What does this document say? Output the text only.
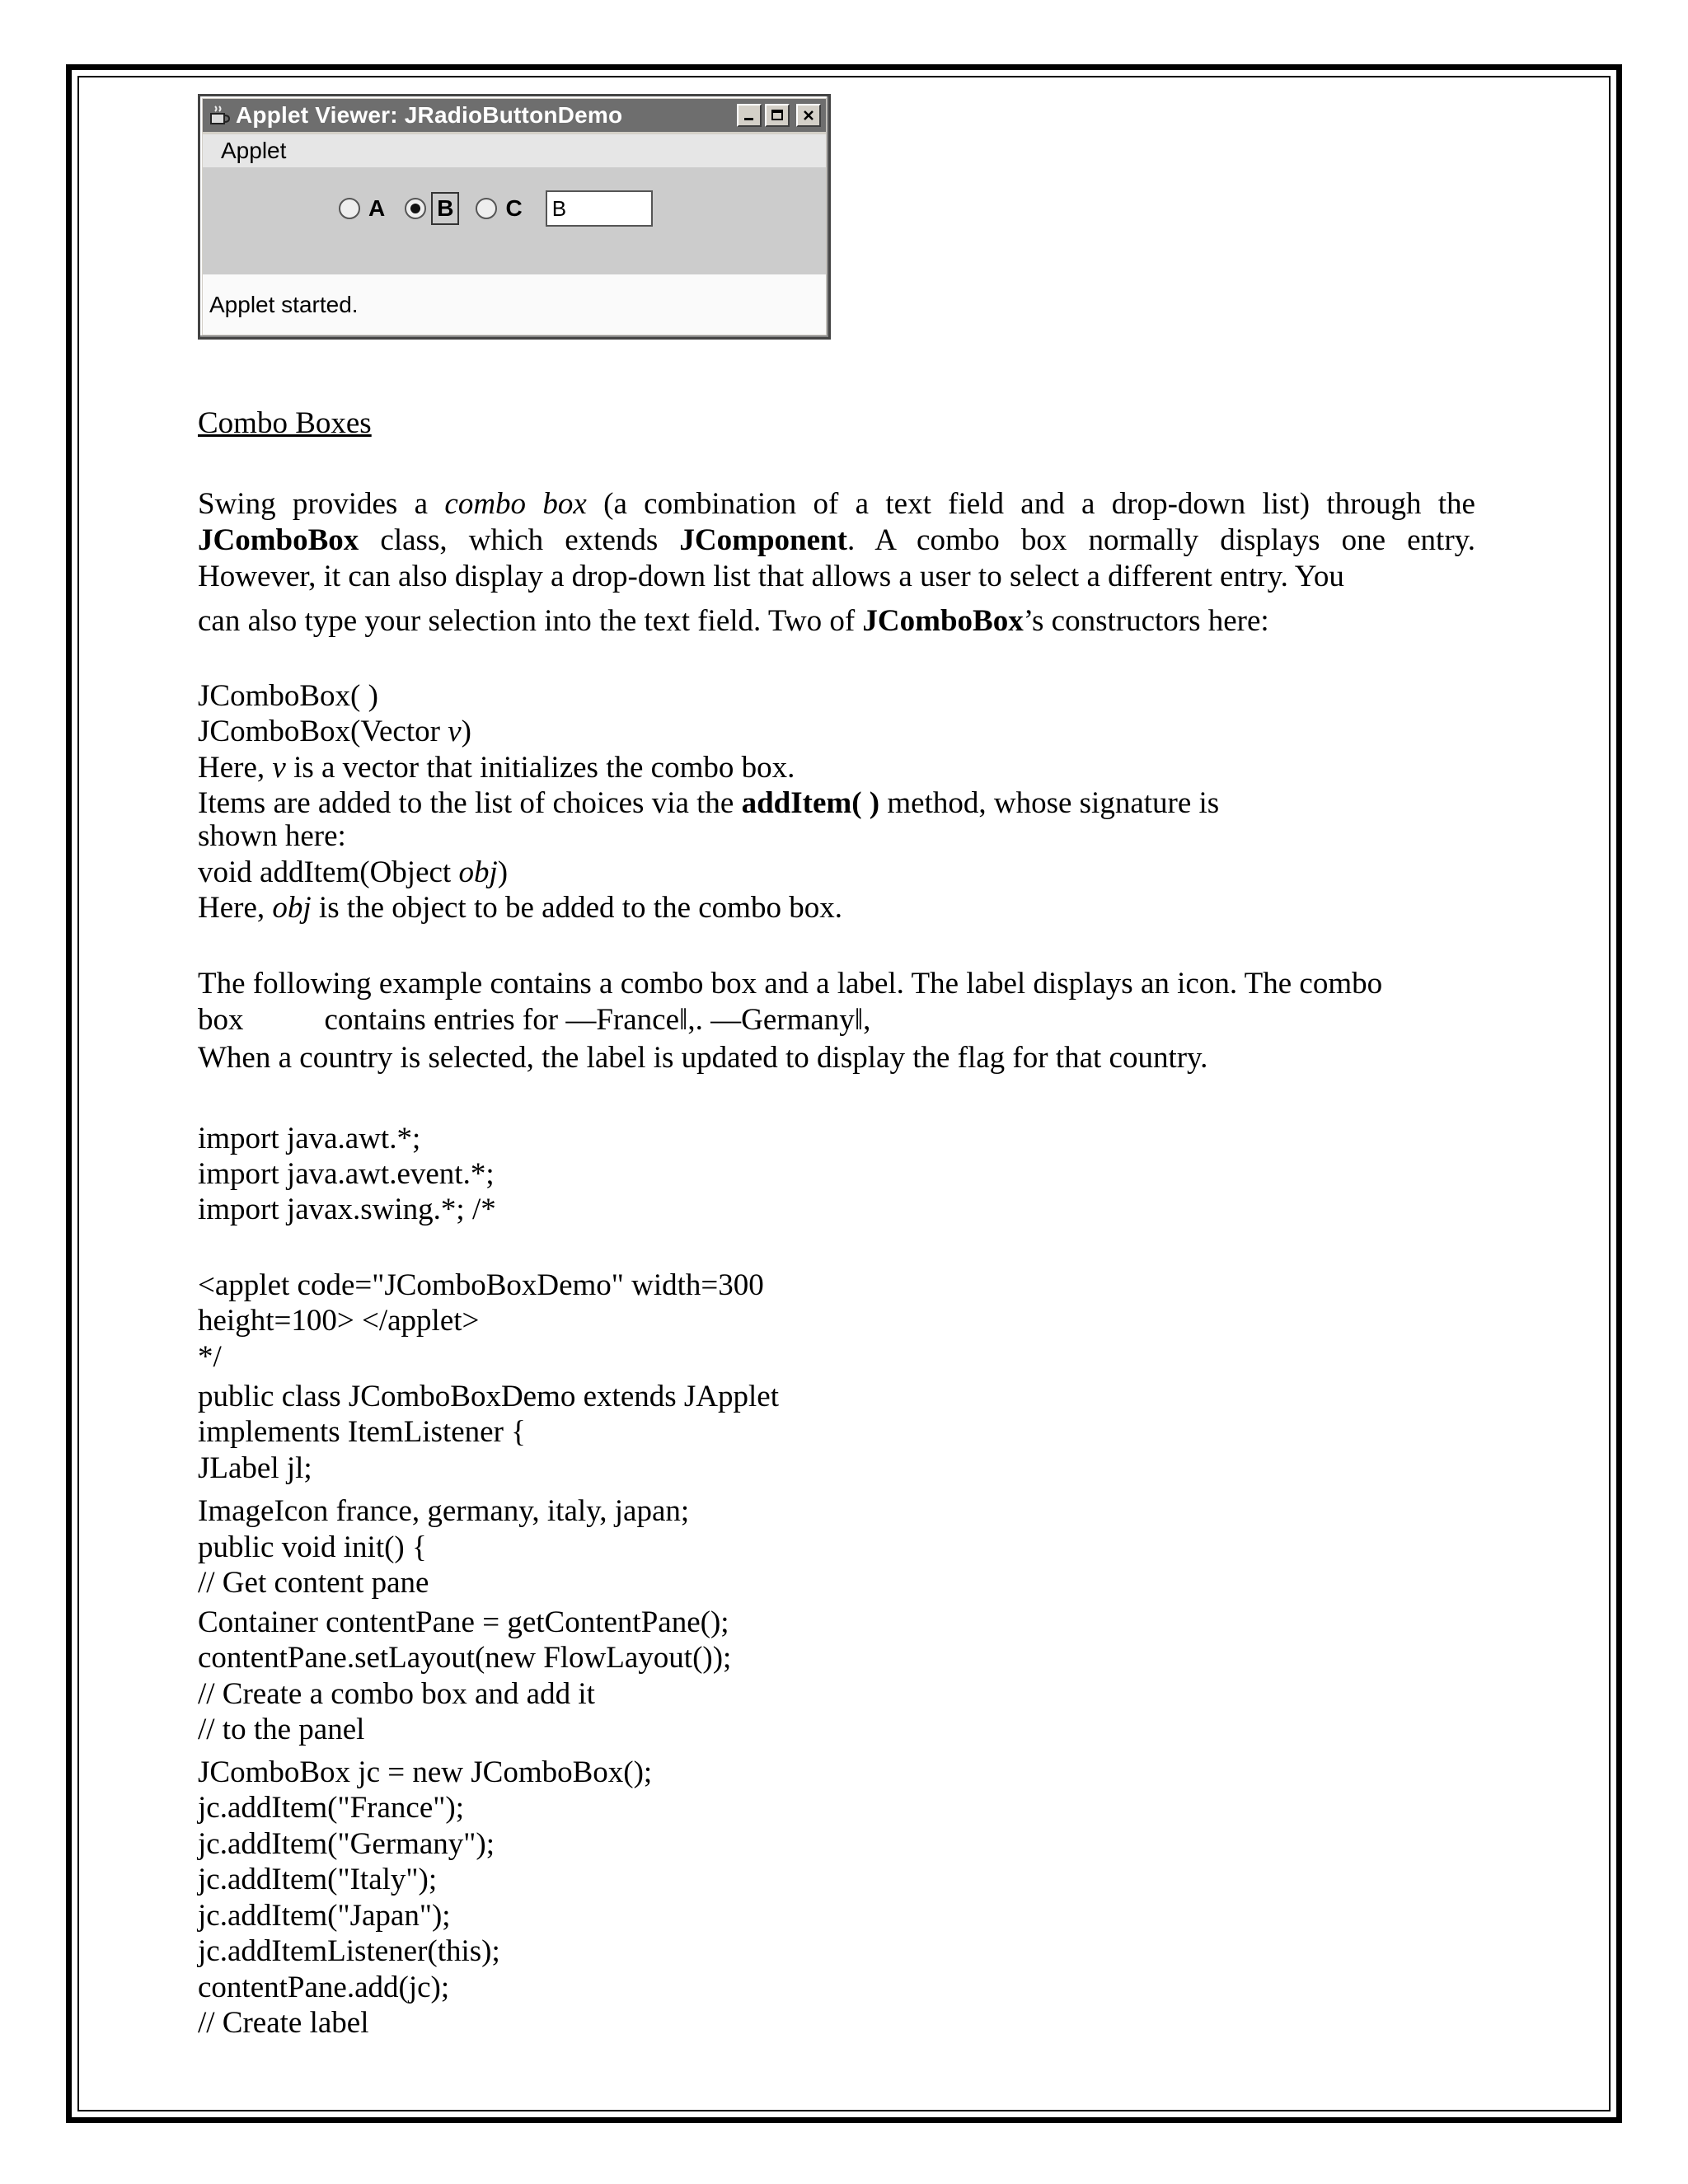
Applet Viewer: JRadioButtonDemo
Applet
A B C	B
Applet started.
Combo Boxes
Swing provides a combo box (a combination of a text field and a drop-down list) through the
JComboBox class, which extends JComponent. A combo box normally displays one entry.
However, it can also display a drop-down list that allows a user to select a different entry. You
can also type your selection into the text field. Two of JComboBox’s constructors here:
JComboBox( )
JComboBox(Vector v)
Here, v is a vector that initializes the combo box.
Items are added to the list of choices via the addItem( ) method, whose signature is
shown here:
void addItem(Object obj)
Here, obj is the object to be added to the combo box.
The following example contains a combo box and a label. The label displays an icon. The combo
box	contains entries for ―France‖,. ―Germany‖,
When a country is selected, the label is updated to display the flag for that country.
import java.awt.*;
import java.awt.event.*;
import javax.swing.*; /*
<applet code="JComboBoxDemo" width=300
height=100> </applet>
*/
public class JComboBoxDemo extends JApplet
implements ItemListener {
JLabel jl;
ImageIcon france, germany, italy, japan;
public void init() {
// Get content pane
Container contentPane = getContentPane();
contentPane.setLayout(new FlowLayout());
// Create a combo box and add it
// to the panel
JComboBox jc = new JComboBox();
jc.addItem("France");
jc.addItem("Germany");
jc.addItem("Italy");
jc.addItem("Japan");
jc.addItemListener(this);
contentPane.add(jc);
// Create label
